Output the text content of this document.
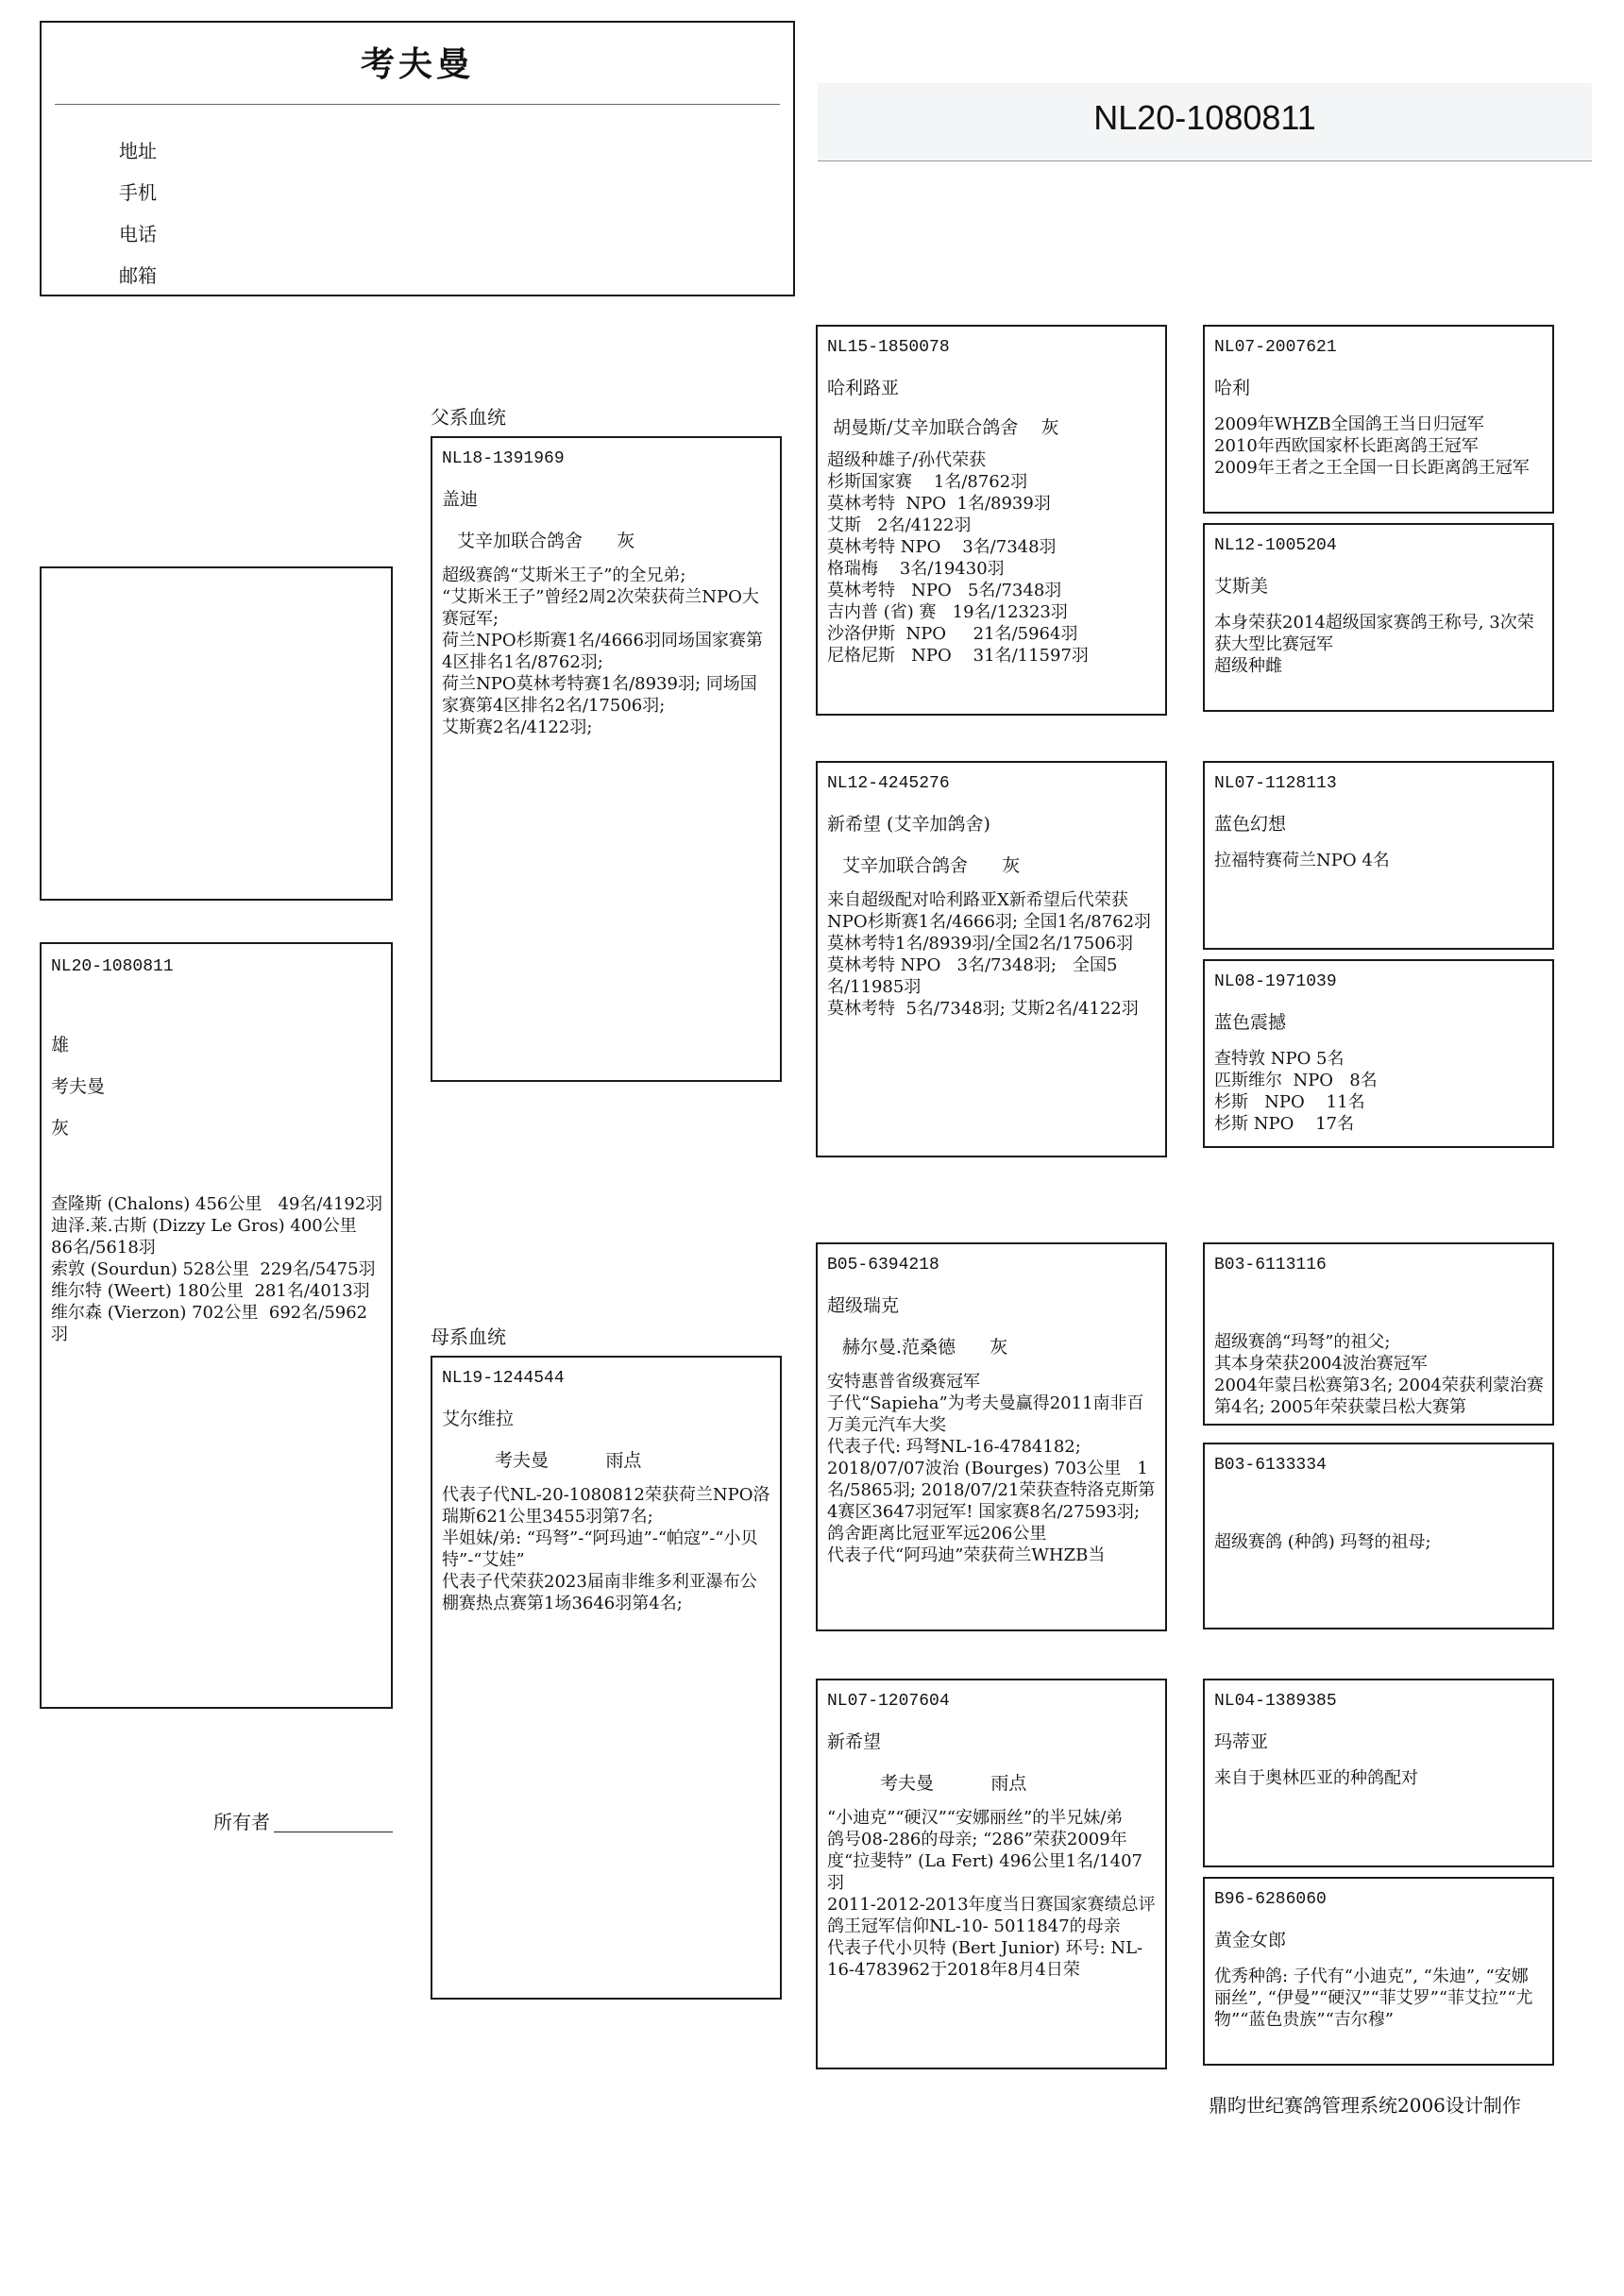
考夫曼
地址
手机
电话
邮箱
NL20-1080811
NL20-1080811
雄
考夫曼
灰
查隆斯 (Chalons) 456公里   49名/4192羽
迪泽.莱.古斯 (Dizzy Le Gros) 400公里  86名/5618羽
索敦 (Sourdun) 528公里  229名/5475羽
维尔特 (Weert) 180公里  281名/4013羽
维尔森 (Vierzon) 702公里  692名/5962羽
所有者
父系血统
母系血统
NL18-1391969
盖迪
艾辛加联合鸽舍      灰
超级赛鸽“艾斯米王子”的全兄弟;
“艾斯米王子”曾经2周2次荣获荷兰NPO大赛冠军;
荷兰NPO杉斯赛1名/4666羽同场国家赛第4区排名1名/8762羽;
荷兰NPO莫林考特赛1名/8939羽; 同场国家赛第4区排名2名/17506羽;
艾斯赛2名/4122羽;
NL19-1244544
艾尔维拉
考夫曼          雨点
代表子代NL-20-1080812荣获荷兰NPO洛瑞斯621公里3455羽第7名;
半姐妹/弟: “玛弩”-“阿玛迪”-“帕寇”-“小贝特”-“艾娃”
代表子代荣获2023届南非维多利亚瀑布公棚赛热点赛第1场3646羽第4名;
NL15-1850078
哈利路亚
胡曼斯/艾辛加联合鸽舍    灰
超级种雄子/孙代荣获
杉斯国家赛    1名/8762羽
莫林考特  NPO  1名/8939羽
艾斯   2名/4122羽
莫林考特 NPO    3名/7348羽
格瑞梅    3名/19430羽
莫林考特   NPO   5名/7348羽
吉内普 (省) 赛   19名/12323羽
沙洛伊斯  NPO     21名/5964羽
尼格尼斯   NPO    31名/11597羽
NL12-4245276
新希望 (艾辛加鸽舍)
艾辛加联合鸽舍      灰
来自超级配对哈利路亚X新希望后代荣获
NPO杉斯赛1名/4666羽; 全国1名/8762羽
莫林考特1名/8939羽/全国2名/17506羽
莫林考特 NPO   3名/7348羽;   全国5名/11985羽
莫林考特  5名/7348羽; 艾斯2名/4122羽
B05-6394218
超级瑞克
赫尔曼.范桑德      灰
安特惠普省级赛冠军
子代“Sapieha”为考夫曼赢得2011南非百万美元汽车大奖
代表子代: 玛弩NL-16-4784182;
2018/07/07波治 (Bourges) 703公里   1名/5865羽; 2018/07/21荣获查特洛克斯第4赛区3647羽冠军! 国家赛8名/27593羽; 鸽舍距离比冠亚军远206公里
代表子代“阿玛迪”荣获荷兰WHZB当
NL07-1207604
新希望
考夫曼          雨点
“小迪克”“硬汉”“安娜丽丝”的半兄妹/弟
鸽号08-286的母亲; “286”荣获2009年度“拉斐特” (La Fert) 496公里1名/1407羽
2011-2012-2013年度当日赛国家赛绩总评鸽王冠军信仰NL-10- 5011847的母亲
代表子代小贝特 (Bert Junior) 环号: NL-16-4783962于2018年8月4日荣
NL07-2007621
哈利
2009年WHZB全国鸽王当日归冠军
2010年西欧国家杯长距离鸽王冠军
2009年王者之王全国一日长距离鸽王冠军
NL12-1005204
艾斯美
本身荣获2014超级国家赛鸽王称号, 3次荣获大型比赛冠军
超级种雌
NL07-1128113
蓝色幻想
拉福特赛荷兰NPO 4名
NL08-1971039
蓝色震撼
查特敦 NPO 5名
匹斯维尔  NPO   8名
杉斯   NPO    11名
杉斯 NPO    17名
B03-6113116
超级赛鸽“玛弩”的祖父;
其本身荣获2004波治赛冠军
2004年蒙吕松赛第3名; 2004荣获利蒙治赛第4名; 2005年荣获蒙吕松大赛第
B03-6133334
超级赛鸽 (种鸽) 玛弩的祖母;
NL04-1389385
玛蒂亚
来自于奥林匹亚的种鸽配对
B96-6286060
黄金女郎
优秀种鸽: 子代有“小迪克”, “朱迪”, “安娜丽丝”, “伊曼”“硬汉”“菲艾罗”“菲艾拉”“尤物”“蓝色贵族”“吉尔穆”
鼎昀世纪赛鸽管理系统2006设计制作
